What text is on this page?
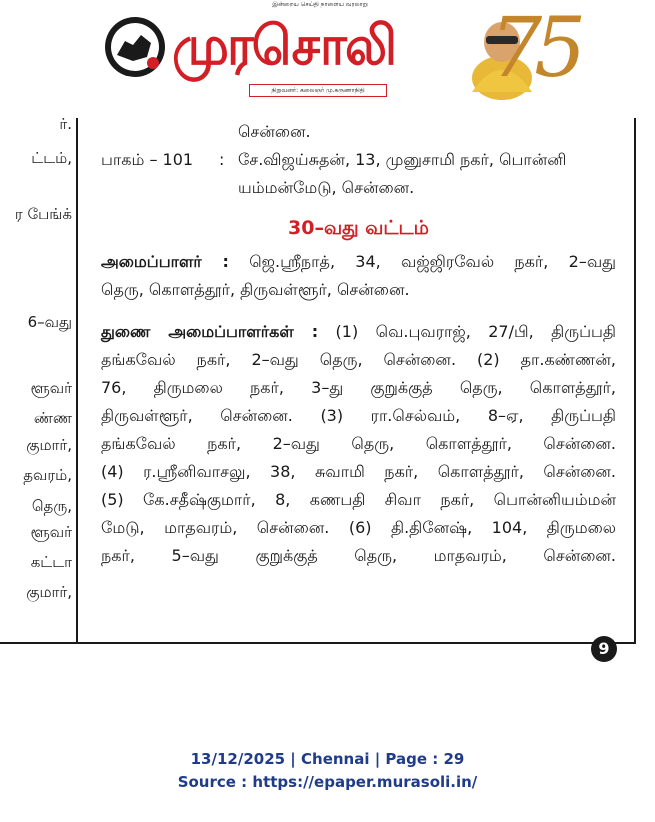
இன்றைய செய்தி நாளைய வரலாறு
முரசொலி
நிறுவனர்: கலைஞர் மு.கருணாநிதி 75
ர்.
ட்டம்,
ர பேங்க்
6–வது
ளூவர்
ண்ண
குமார்,
தவரம்,
தெரு,
ளூவர்
கட்டா
குமார்,
சென்னை.
பாகம் – 101 : சே.விஜய்சுதன், 13, முனுசாமி நகர், பொன்னி
யம்மன்மேடு, சென்னை.
30–வது வட்டம்
அமைப்பாளர் : ஜெ.ஸ்ரீநாத், 34, வஜ்ஜிரவேல் நகர், 2–வது
தெரு, கொளத்தூர், திருவள்ளூர், சென்னை.
துணை அமைப்பாளர்கள் : (1) வெ.புவராஜ், 27/பி, திருப்பதி
தங்கவேல் நகர், 2–வது தெரு, சென்னை. (2) தா.கண்ணன்,
76, திருமலை நகர், 3–து குறுக்குத் தெரு, கொளத்தூர்,
திருவள்ளூர், சென்னை. (3) ரா.செல்வம், 8–ஏ, திருப்பதி
தங்கவேல் நகர், 2–வது தெரு, கொளத்தூர், சென்னை.
(4) ர.ஸ்ரீனிவாசலு, 38, சுவாமி நகர், கொளத்தூர், சென்னை.
(5) கே.சதீஷ்குமார், 8, கணபதி சிவா நகர், பொன்னியம்மன்
மேடு, மாதவரம், சென்னை. (6) தி.தினேஷ், 104, திருமலை
நகர், 5–வது குறுக்குத் தெரு, மாதவரம், சென்னை.
9
13/12/2025 | Chennai | Page : 29
Source : https://epaper.murasoli.in/
